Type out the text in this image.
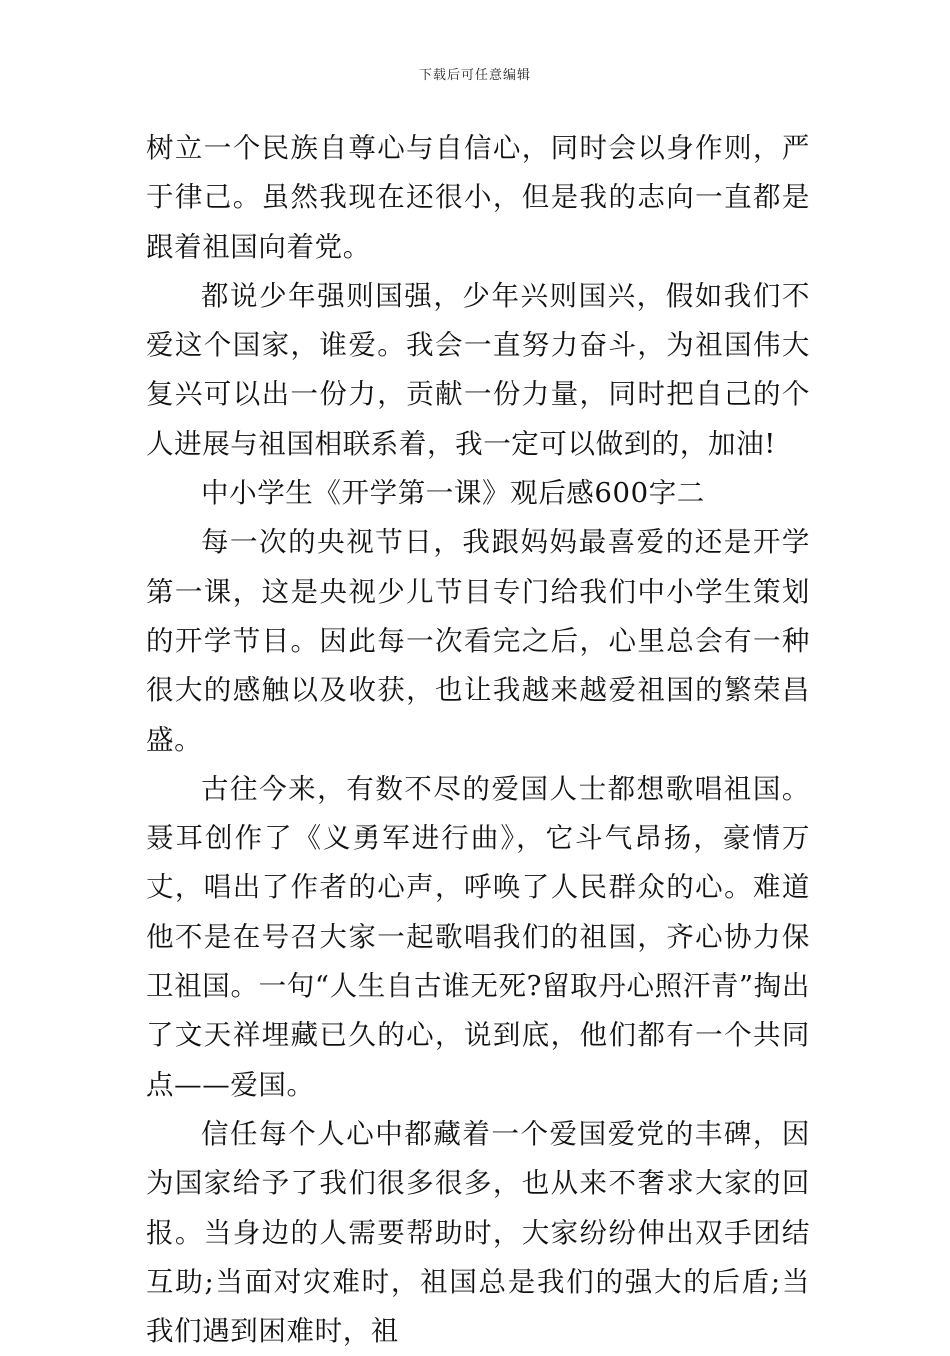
下载后可任意编辑

树立一个民族自尊心与自信心，同时会以身作则，严于律己。虽然我现在还很小，但是我的志向一直都是跟着祖国向着党。

都说少年强则国强，少年兴则国兴，假如我们不爱这个国家，谁爱。我会一直努力奋斗，为祖国伟大复兴可以出一份力，贡献一份力量，同时把自己的个人进展与祖国相联系着，我一定可以做到的，加油!

中小学生《开学第一课》观后感600字二

每一次的央视节日，我跟妈妈最喜爱的还是开学第一课，这是央视少儿节目专门给我们中小学生策划的开学节目。因此每一次看完之后，心里总会有一种很大的感触以及收获，也让我越来越爱祖国的繁荣昌盛。

古往今来，有数不尽的爱国人士都想歌唱祖国。聂耳创作了《义勇军进行曲》，它斗气昂扬，豪情万丈，唱出了作者的心声，呼唤了人民群众的心。难道他不是在号召大家一起歌唱我们的祖国，齐心协力保卫祖国。一句“人生自古谁无死?留取丹心照汗青”掏出了文天祥埋藏已久的心，说到底，他们都有一个共同点——爱国。

信任每个人心中都藏着一个爱国爱党的丰碑，因为国家给予了我们很多很多，也从来不奢求大家的回报。当身边的人需要帮助时，大家纷纷伸出双手团结互助;当面对灾难时，祖国总是我们的强大的后盾;当我们遇到困难时，祖
